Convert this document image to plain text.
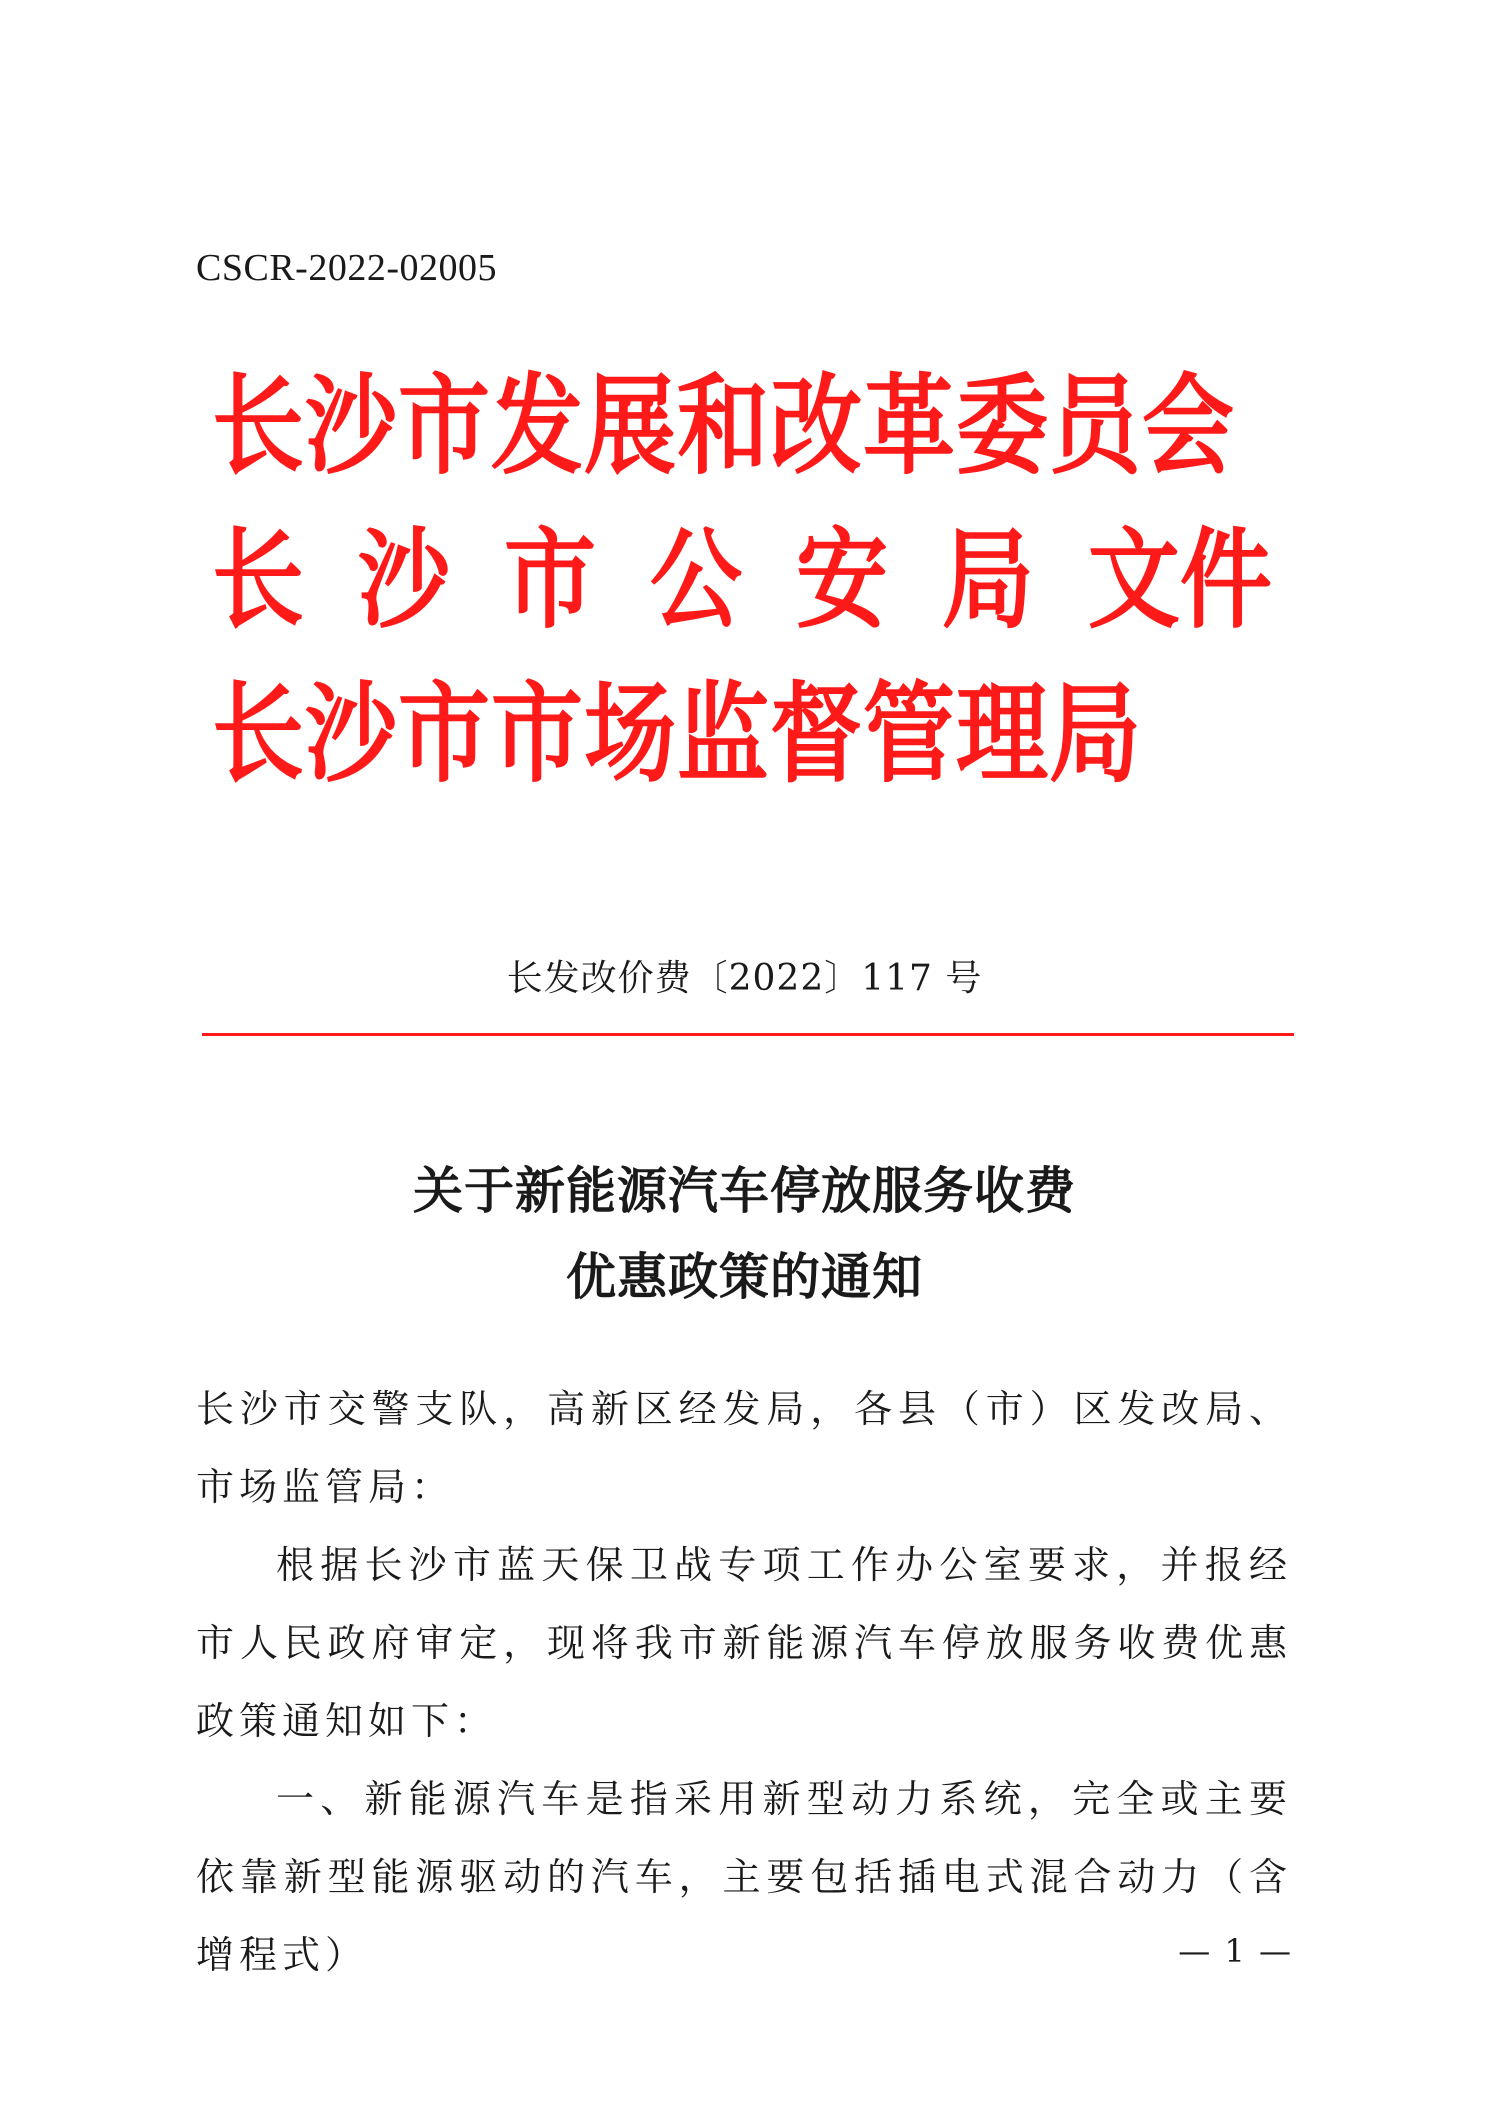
CSCR-2022-02005
长沙市发展和改革委员会
长 沙 市 公 安 局 文件
长沙市市场监督管理局
长发改价费〔2022〕117 号
关于新能源汽车停放服务收费
优惠政策的通知

长沙市交警支队，高新区经发局，各县（市）区发改局、市场监管局：

根据长沙市蓝天保卫战专项工作办公室要求，并报经市人民政府审定，现将我市新能源汽车停放服务收费优惠政策通知如下：

一、新能源汽车是指采用新型动力系统，完全或主要依靠新型能源驱动的汽车，主要包括插电式混合动力（含增程式）	— 1 —
